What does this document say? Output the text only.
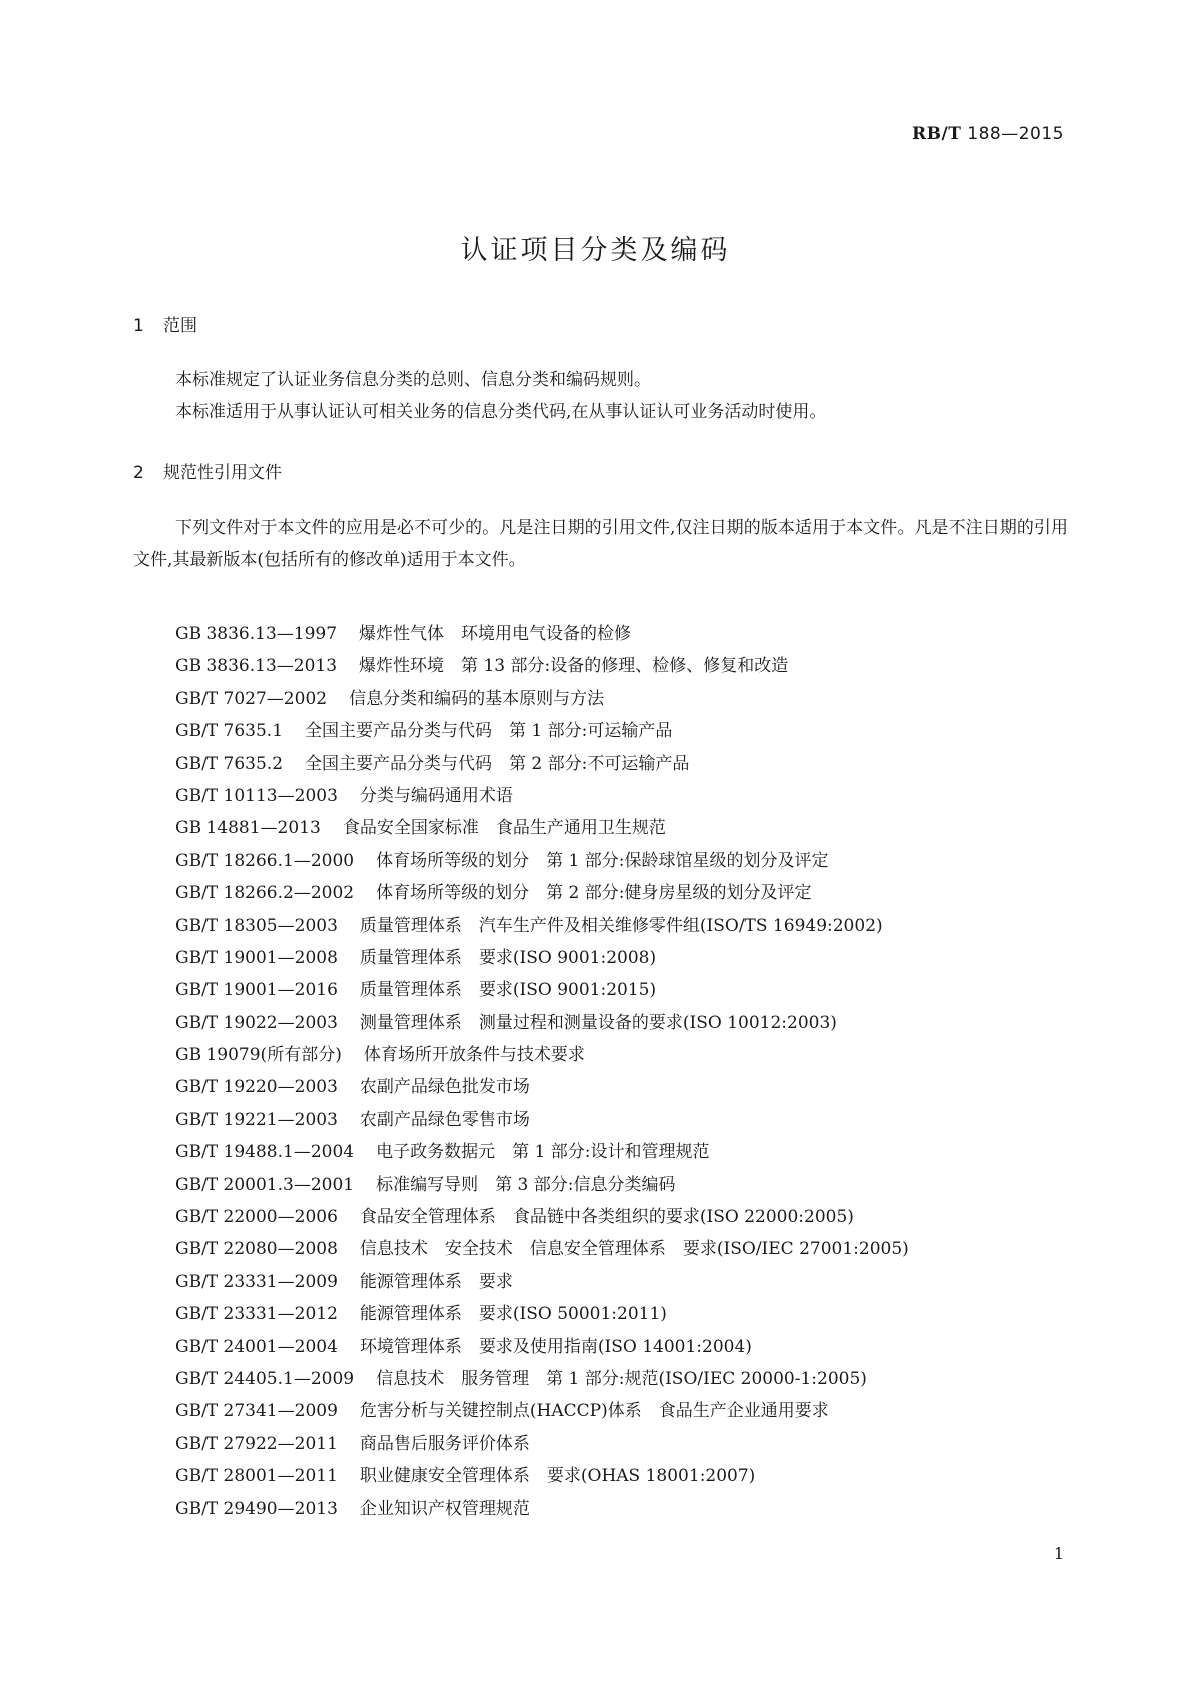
RB/T 188—2015
认证项目分类及编码
1 范围
本标准规定了认证业务信息分类的总则、信息分类和编码规则。
本标准适用于从事认证认可相关业务的信息分类代码,在从事认证认可业务活动时使用。
2 规范性引用文件
下列文件对于本文件的应用是必不可少的。凡是注日期的引用文件,仅注日期的版本适用于本文件。凡是不注日期的引用文件,其最新版本(包括所有的修改单)适用于本文件。
GB 3836.13—1997 爆炸性气体　环境用电气设备的检修
GB 3836.13—2013 爆炸性环境　第 13 部分:设备的修理、检修、修复和改造
GB/T 7027—2002 信息分类和编码的基本原则与方法
GB/T 7635.1 全国主要产品分类与代码　第 1 部分:可运输产品
GB/T 7635.2 全国主要产品分类与代码　第 2 部分:不可运输产品
GB/T 10113—2003 分类与编码通用术语
GB 14881—2013 食品安全国家标准　食品生产通用卫生规范
GB/T 18266.1—2000 体育场所等级的划分　第 1 部分:保龄球馆星级的划分及评定
GB/T 18266.2—2002 体育场所等级的划分　第 2 部分:健身房星级的划分及评定
GB/T 18305—2003 质量管理体系　汽车生产件及相关维修零件组(ISO/TS 16949:2002)
GB/T 19001—2008 质量管理体系　要求(ISO 9001:2008)
GB/T 19001—2016 质量管理体系　要求(ISO 9001:2015)
GB/T 19022—2003 测量管理体系　测量过程和测量设备的要求(ISO 10012:2003)
GB 19079(所有部分) 体育场所开放条件与技术要求
GB/T 19220—2003 农副产品绿色批发市场
GB/T 19221—2003 农副产品绿色零售市场
GB/T 19488.1—2004 电子政务数据元　第 1 部分:设计和管理规范
GB/T 20001.3—2001 标准编写导则　第 3 部分:信息分类编码
GB/T 22000—2006 食品安全管理体系　食品链中各类组织的要求(ISO 22000:2005)
GB/T 22080—2008 信息技术　安全技术　信息安全管理体系　要求(ISO/IEC 27001:2005)
GB/T 23331—2009 能源管理体系　要求
GB/T 23331—2012 能源管理体系　要求(ISO 50001:2011)
GB/T 24001—2004 环境管理体系　要求及使用指南(ISO 14001:2004)
GB/T 24405.1—2009 信息技术　服务管理　第 1 部分:规范(ISO/IEC 20000-1:2005)
GB/T 27341—2009 危害分析与关键控制点(HACCP)体系　食品生产企业通用要求
GB/T 27922—2011 商品售后服务评价体系
GB/T 28001—2011 职业健康安全管理体系　要求(OHAS 18001:2007)
GB/T 29490—2013 企业知识产权管理规范
1
